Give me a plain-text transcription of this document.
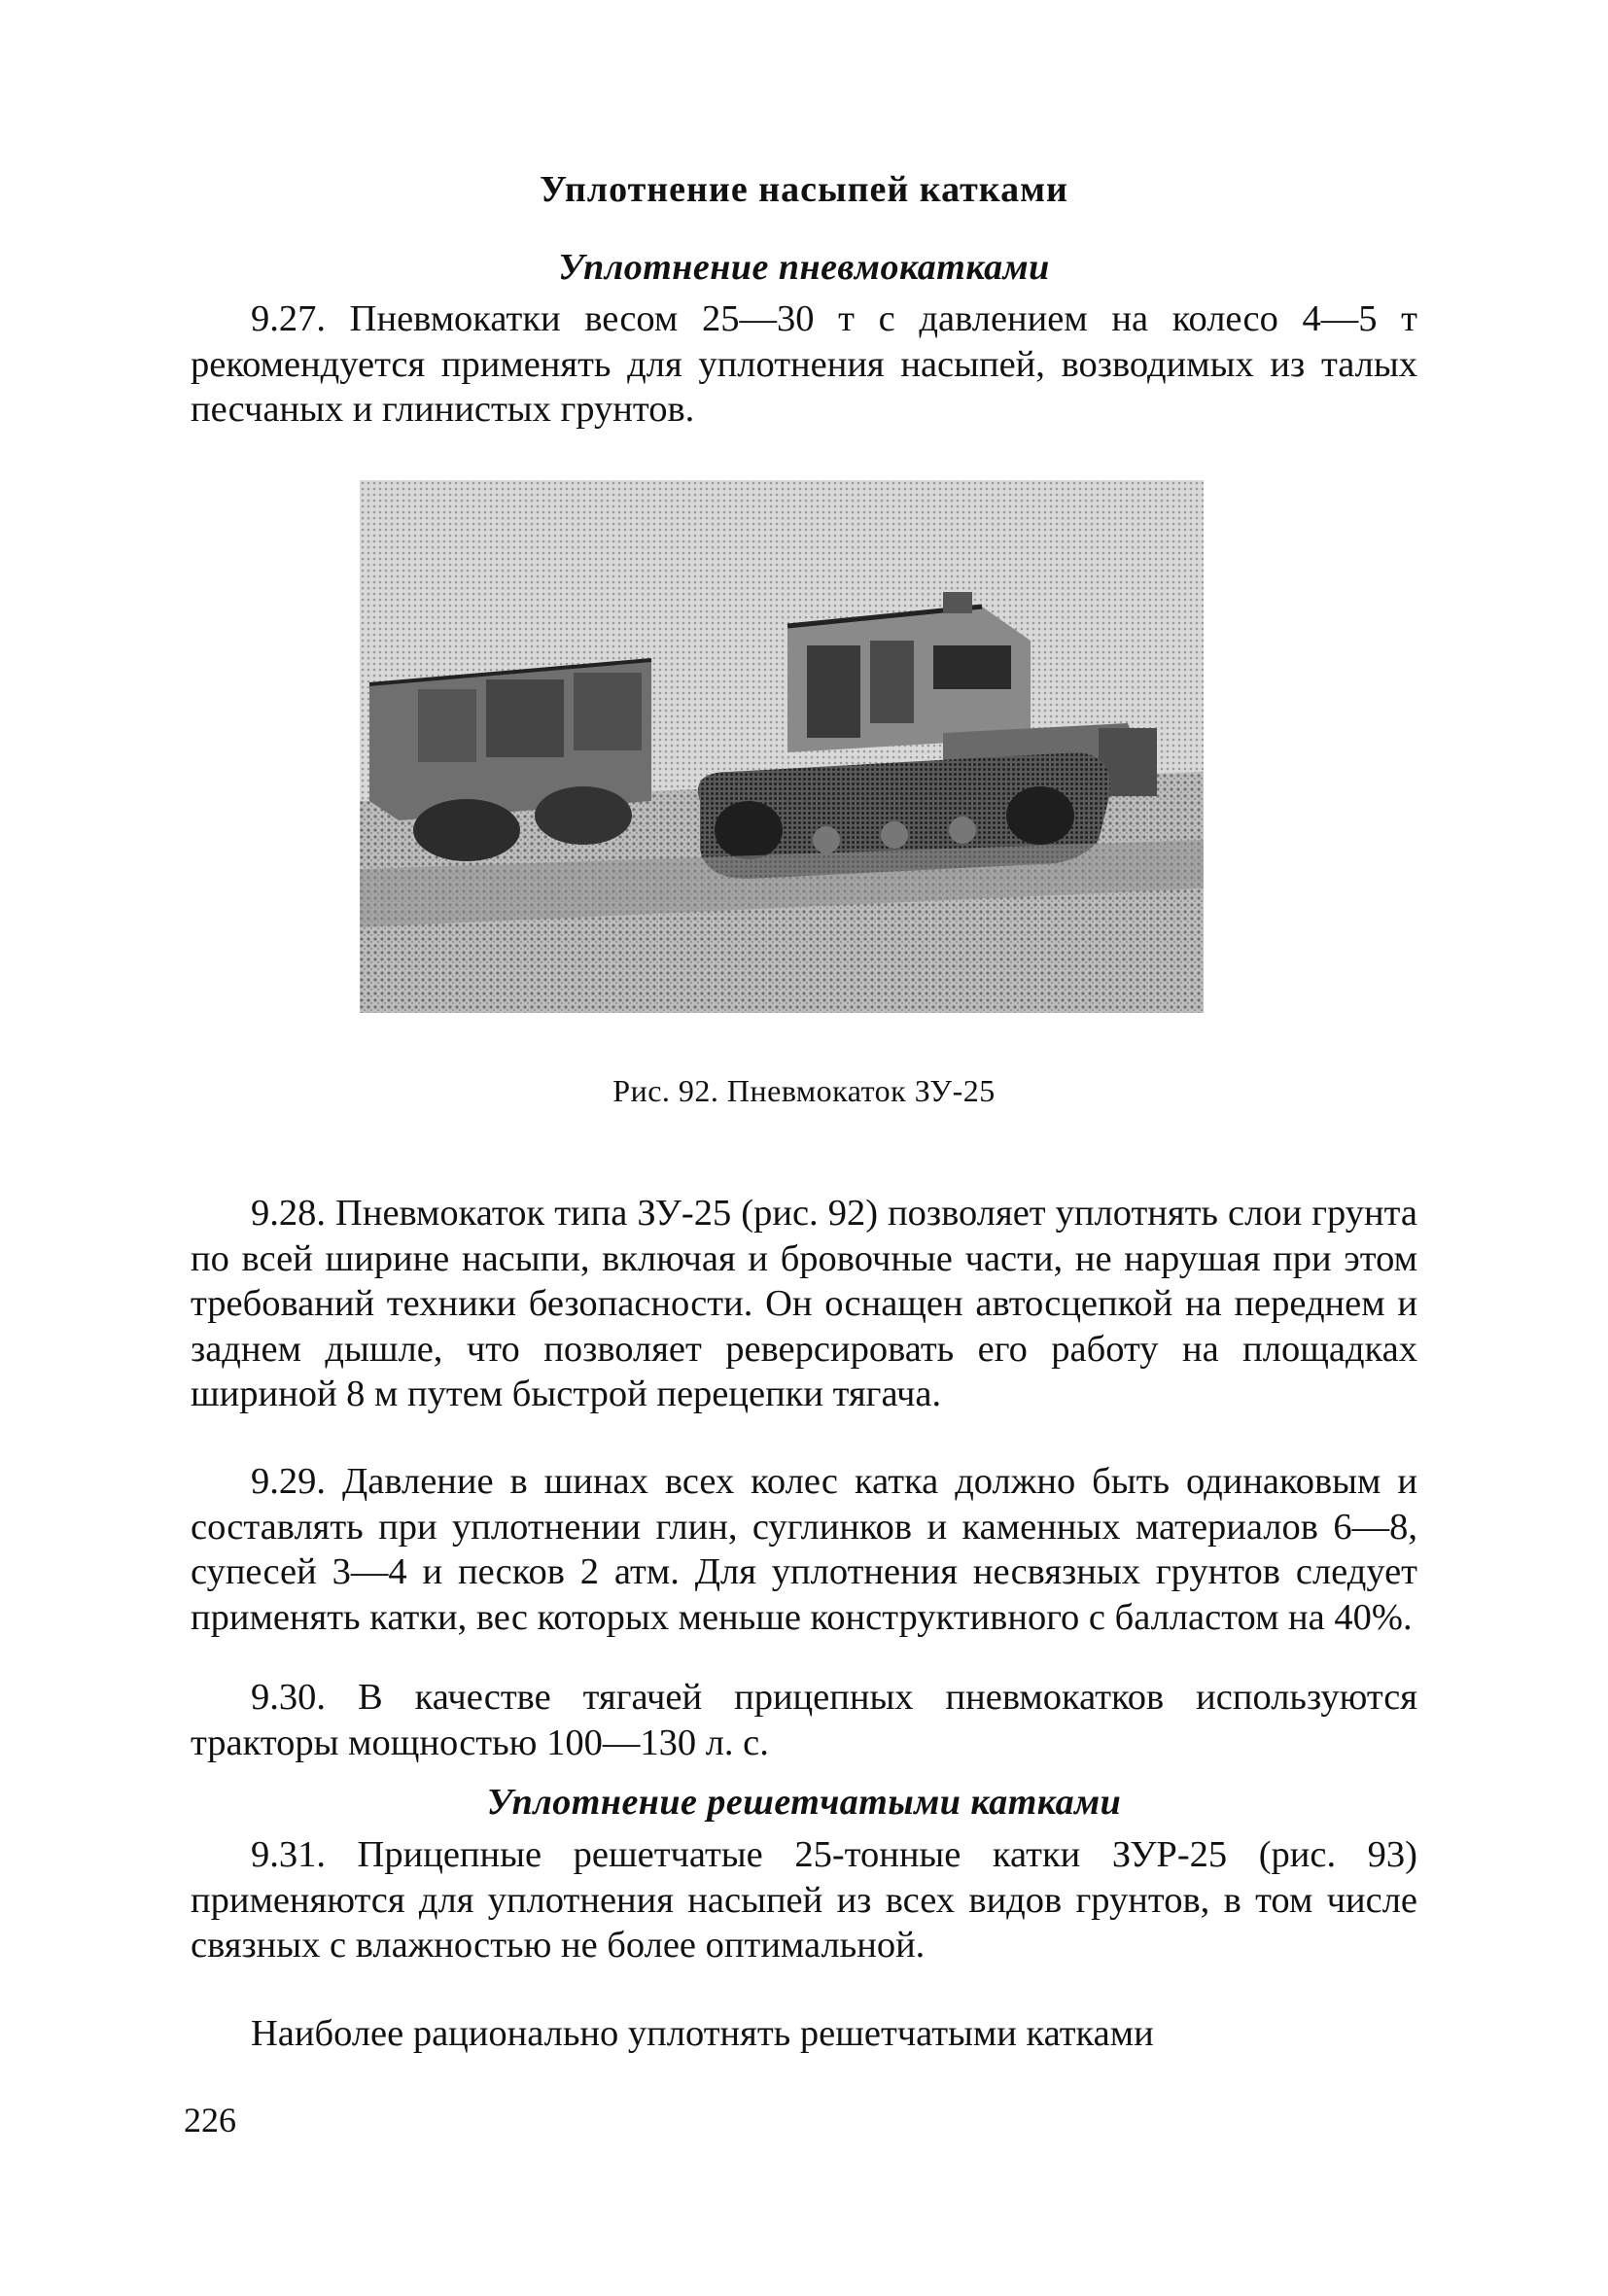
Уплотнение насыпей катками
Уплотнение пневмокатками

9.27. Пневмокатки весом 25—30 т с давлением на колесо 4—5 т рекомендуется применять для уплотнения насыпей, возводимых из талых песчаных и глинистых грунтов.

Рис. 92. Пневмокаток ЗУ-25

9.28. Пневмокаток типа ЗУ-25 (рис. 92) позволяет уплотнять слои грунта по всей ширине насыпи, включая и бровочные части, не нарушая при этом требований техники безопасности. Он оснащен автосцепкой на переднем и заднем дышле, что позволяет реверсировать его работу на площадках шириной 8 м путем быстрой перецепки тягача.

9.29. Давление в шинах всех колес катка должно быть одинаковым и составлять при уплотнении глин, суглинков и каменных материалов 6—8, супесей 3—4 и песков 2 атм. Для уплотнения несвязных грунтов следует применять катки, вес которых меньше конструктивного с балластом на 40%.

9.30. В качестве тягачей прицепных пневмокатков используются тракторы мощностью 100—130 л. с.

Уплотнение решетчатыми катками

9.31. Прицепные решетчатые 25-тонные катки ЗУР-25 (рис. 93) применяются для уплотнения насыпей из всех видов грунтов, в том числе связных с влажностью не более оптимальной.

Наиболее рационально уплотнять решетчатыми катками

226
